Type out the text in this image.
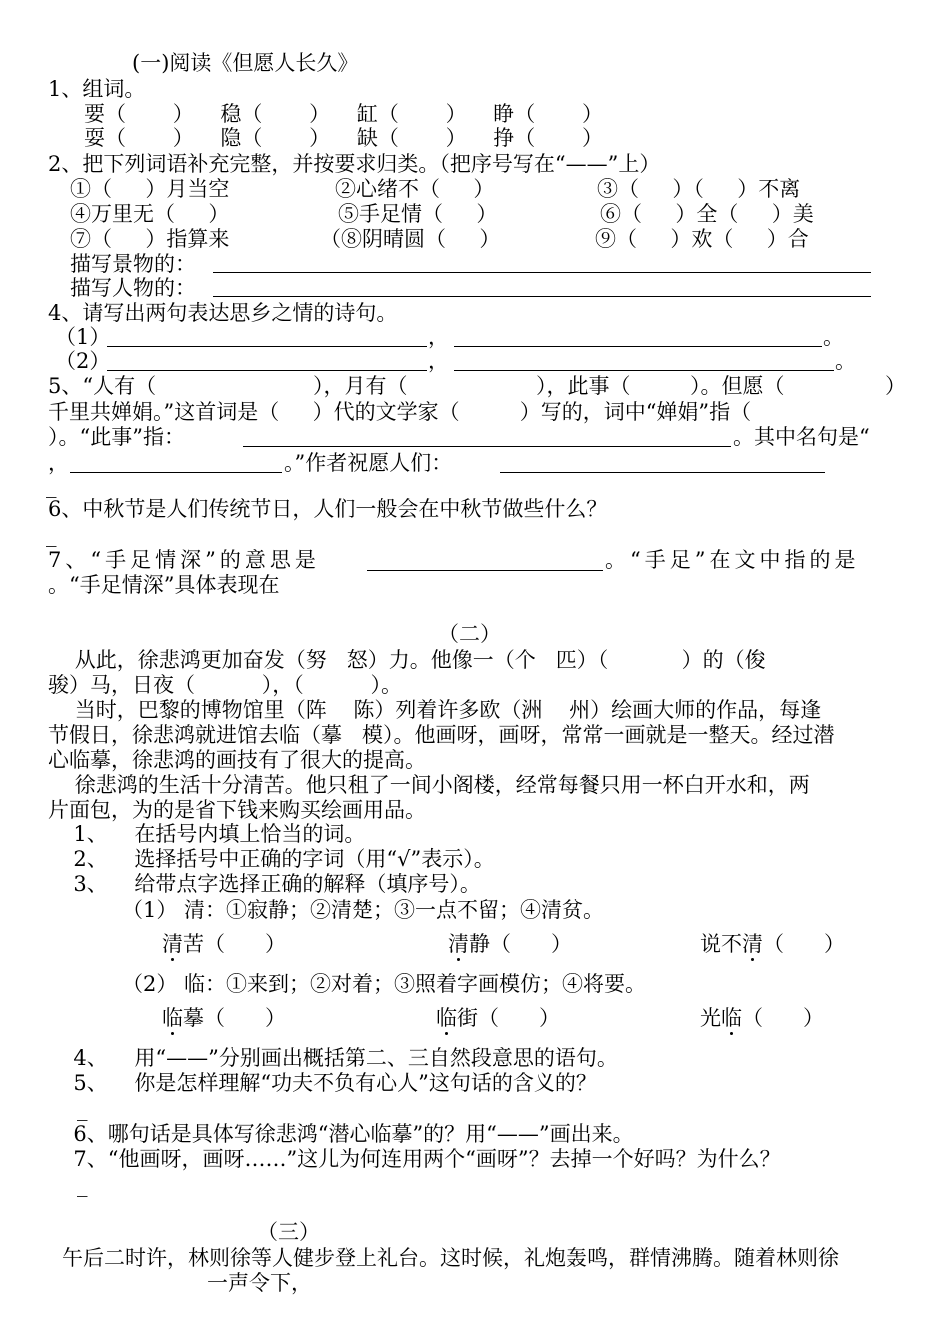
(一)阅读《但愿人长久》
1、组词。
要（       ）    稳（       ）    缸（       ）    睁（       ）
耍（       ）    隐（       ）    缺（       ）    挣（       ）
2、把下列词语补充完整，并按要求归类。（把序号写在“——”上）
①（     ）月当空	②心绪不（     ）	③（     ）（     ）不离
④万里无（     ）	⑤手足情（     ）	⑥（     ）全（     ）美
⑦（     ）指算来	（⑧阴晴圆（     ）	⑨（     ）欢（     ）合
描写景物的：
描写人物的：
4、请写出两句表达思乡之情的诗句。
（1）	，	。
（2）	，	。
5、“人有（	），月有（	），此事（	）。但愿（	）
千里共婵娟。”这首词是（     ）代的文学家（         ）写的，词中“婵娟”指（
）。“此事”指：	。其中名句是“
，	。”作者祝愿人们：
_
6、中秋节是人们传统节日，人们一般会在中秋节做些什么？
_
7、“手足情深”的意思是	。“手足”在文中指的是
。“手足情深”具体表现在
（二）
从此，徐悲鸿更加奋发（努   怒）力。他像一（个   匹）（           ）的（俊
骏）马，日夜（          ），（          ）。
当时，巴黎的博物馆里（阵    陈）列着许多欧（洲    州）绘画大师的作品，每逢
节假日，徐悲鸿就进馆去临（摹   模）。他画呀，画呀，常常一画就是一整天。经过潜
心临摹，徐悲鸿的画技有了很大的提高。
徐悲鸿的生活十分清苦。他只租了一间小阁楼，经常每餐只用一杯白开水和，两
片面包，为的是省下钱来购买绘画用品。
1、    在括号内填上恰当的词。
2、    选择括号中正确的字词（用“√”表示）。
3、    给带点字选择正确的解释（填序号）。
（1） 清：①寂静；②清楚；③一点不留；④清贫。
清苦（      ）	清静（      ）	说不清（      ）
（2） 临：①来到；②对着；③照着字画模仿；④将要。
临摹（      ）	临街（      ）	光临（      ）
4、    用“——”分别画出概括第二、三自然段意思的语句。
5、    你是怎样理解“功夫不负有心人”这句话的含义的？
_
6、哪句话是具体写徐悲鸿“潜心临摹”的？用“——”画出来。
7、“他画呀，画呀……”这儿为何连用两个“画呀”？去掉一个好吗？为什么？
_
（三）
午后二时许，林则徐等人健步登上礼台。这时候，礼炮轰鸣，群情沸腾。随着林则徐
一声令下，
